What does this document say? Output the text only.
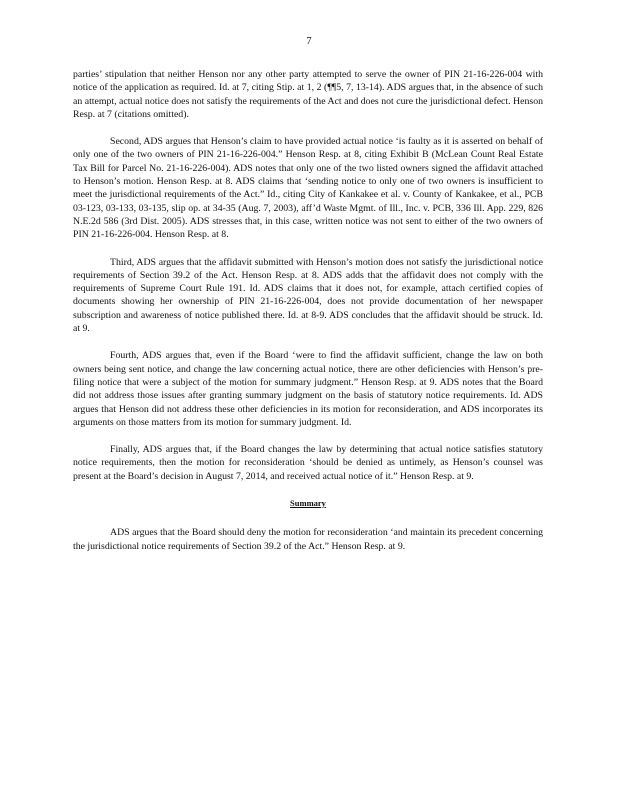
7

parties’ stipulation that neither Henson nor any other party attempted to serve the owner of PIN 21-16-226-004 with notice of the application as required. Id. at 7, citing Stip. at 1, 2 (¶¶5, 7, 13-14). ADS argues that, in the absence of such an attempt, actual notice does not satisfy the requirements of the Act and does not cure the jurisdictional defect. Henson Resp. at 7 (citations omitted).

Second, ADS argues that Henson’s claim to have provided actual notice ‘is faulty as it is asserted on behalf of only one of the two owners of PIN 21-16-226-004.” Henson Resp. at 8, citing Exhibit B (McLean Count Real Estate Tax Bill for Parcel No. 21-16-226-004). ADS notes that only one of the two listed owners signed the affidavit attached to Henson’s motion. Henson Resp. at 8. ADS claims that ‘sending notice to only one of two owners is insufficient to meet the jurisdictional requirements of the Act.” Id., citing City of Kankakee et al. v. County of Kankakee, et al., PCB 03-123, 03-133, 03-135, slip op. at 34-35 (Aug. 7, 2003), aff’d Waste Mgmt. of Ill., Inc. v. PCB, 336 Ill. App. 229, 826 N.E.2d 586 (3rd Dist. 2005). ADS stresses that, in this case, written notice was not sent to either of the two owners of PIN 21-16-226-004. Henson Resp. at 8.

Third, ADS argues that the affidavit submitted with Henson’s motion does not satisfy the jurisdictional notice requirements of Section 39.2 of the Act. Henson Resp. at 8. ADS adds that the affidavit does not comply with the requirements of Supreme Court Rule 191. Id. ADS claims that it does not, for example, attach certified copies of documents showing her ownership of PIN 21-16-226-004, does not provide documentation of her newspaper subscription and awareness of notice published there. Id. at 8-9. ADS concludes that the affidavit should be struck. Id. at 9.

Fourth, ADS argues that, even if the Board ‘were to find the affidavit sufficient, change the law on both owners being sent notice, and change the law concerning actual notice, there are other deficiencies with Henson’s pre-filing notice that were a subject of the motion for summary judgment.” Henson Resp. at 9. ADS notes that the Board did not address those issues after granting summary judgment on the basis of statutory notice requirements. Id. ADS argues that Henson did not address these other deficiencies in its motion for reconsideration, and ADS incorporates its arguments on those matters from its motion for summary judgment. Id.

Finally, ADS argues that, if the Board changes the law by determining that actual notice satisfies statutory notice requirements, then the motion for reconsideration ‘should be denied as untimely, as Henson’s counsel was present at the Board’s decision in August 7, 2014, and received actual notice of it.” Henson Resp. at 9.

Summary

ADS argues that the Board should deny the motion for reconsideration ‘and maintain its precedent concerning the jurisdictional notice requirements of Section 39.2 of the Act.” Henson Resp. at 9.
